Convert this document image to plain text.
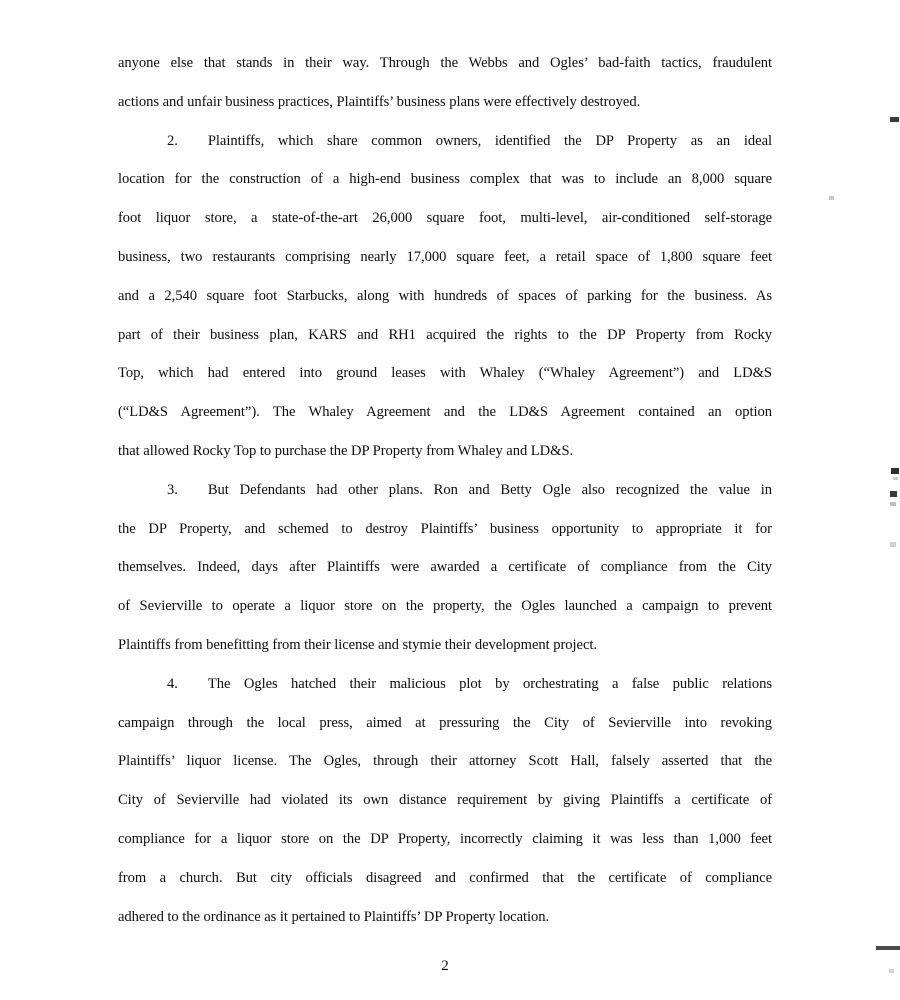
anyone else that stands in their way. Through the Webbs and Ogles’ bad-faith tactics, fraudulent
actions and unfair business practices, Plaintiffs’ business plans were effectively destroyed.
2. Plaintiffs, which share common owners, identified the DP Property as an ideal
location for the construction of a high-end business complex that was to include an 8,000 square
foot liquor store, a state-of-the-art 26,000 square foot, multi-level, air-conditioned self-storage
business, two restaurants comprising nearly 17,000 square feet, a retail space of 1,800 square feet
and a 2,540 square foot Starbucks, along with hundreds of spaces of parking for the business. As
part of their business plan, KARS and RH1 acquired the rights to the DP Property from Rocky
Top, which had entered into ground leases with Whaley (“Whaley Agreement”) and LD&S
(“LD&S Agreement”). The Whaley Agreement and the LD&S Agreement contained an option
that allowed Rocky Top to purchase the DP Property from Whaley and LD&S.
3. But Defendants had other plans. Ron and Betty Ogle also recognized the value in
the DP Property, and schemed to destroy Plaintiffs’ business opportunity to appropriate it for
themselves. Indeed, days after Plaintiffs were awarded a certificate of compliance from the City
of Sevierville to operate a liquor store on the property, the Ogles launched a campaign to prevent
Plaintiffs from benefitting from their license and stymie their development project.
4. The Ogles hatched their malicious plot by orchestrating a false public relations
campaign through the local press, aimed at pressuring the City of Sevierville into revoking
Plaintiffs’ liquor license. The Ogles, through their attorney Scott Hall, falsely asserted that the
City of Sevierville had violated its own distance requirement by giving Plaintiffs a certificate of
compliance for a liquor store on the DP Property, incorrectly claiming it was less than 1,000 feet
from a church. But city officials disagreed and confirmed that the certificate of compliance
adhered to the ordinance as it pertained to Plaintiffs’ DP Property location.
2
